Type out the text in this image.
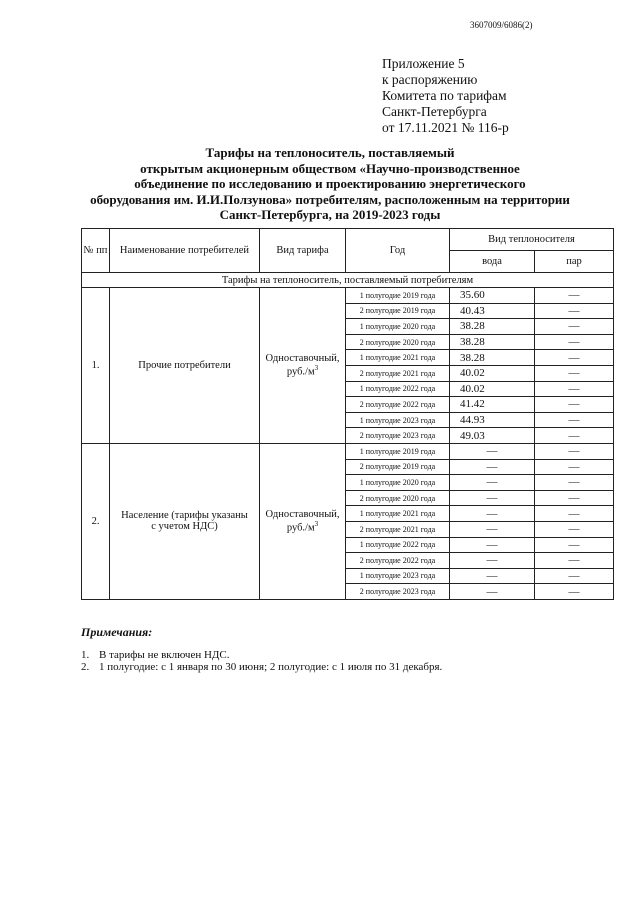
3607009/6086(2)
Приложение 5
к распоряжению
Комитета по тарифам
Санкт-Петербурга
от 17.11.2021 № 116-р
Тарифы на теплоноситель, поставляемый
открытым акционерным обществом «Научно-производственное
объединение по исследованию и проектированию энергетического
оборудования им. И.И.Ползунова» потребителям, расположенным на территории
Санкт-Петербурга, на 2019-2023 годы
№ пп	Наименование потребителей	Вид тарифа	Год	Вид теплоносителя	
				вода	пар
Тарифы на теплоноситель, поставляемый потребителям					
1.	Прочие потребители	Одноставочный, $руб./м^3$	1 полугодие 2019 года	35.60	—
			2 полугодие 2019 года	40.43	—
			1 полугодие 2020 года	38.28	—
			2 полугодие 2020 года	38.28	—
			1 полугодие 2021 года	38.28	—
			2 полугодие 2021 года	40.02	—
			1 полугодие 2022 года	40.02	—
			2 полугодие 2022 года	41.42	—
			1 полугодие 2023 года	44.93	—
			2 полугодие 2023 года	49.03	—
2.	Население (тарифы указаны с учетом НДС)	Одноставочный, $руб./м^3$	1 полугодие 2019 года	—	—
			2 полугодие 2019 года	—	—
			1 полугодие 2020 года	—	—
			2 полугодие 2020 года	—	—
			1 полугодие 2021 года	—	—
			2 полугодие 2021 года	—	—
			1 полугодие 2022 года	—	—
			2 полугодие 2022 года	—	—
			1 полугодие 2023 года	—	—
			2 полугодие 2023 года	—	—
Примечания:
1. В тарифы не включен НДС.
2. 1 полугодие: с 1 января по 30 июня; 2 полугодие: с 1 июля по 31 декабря.
